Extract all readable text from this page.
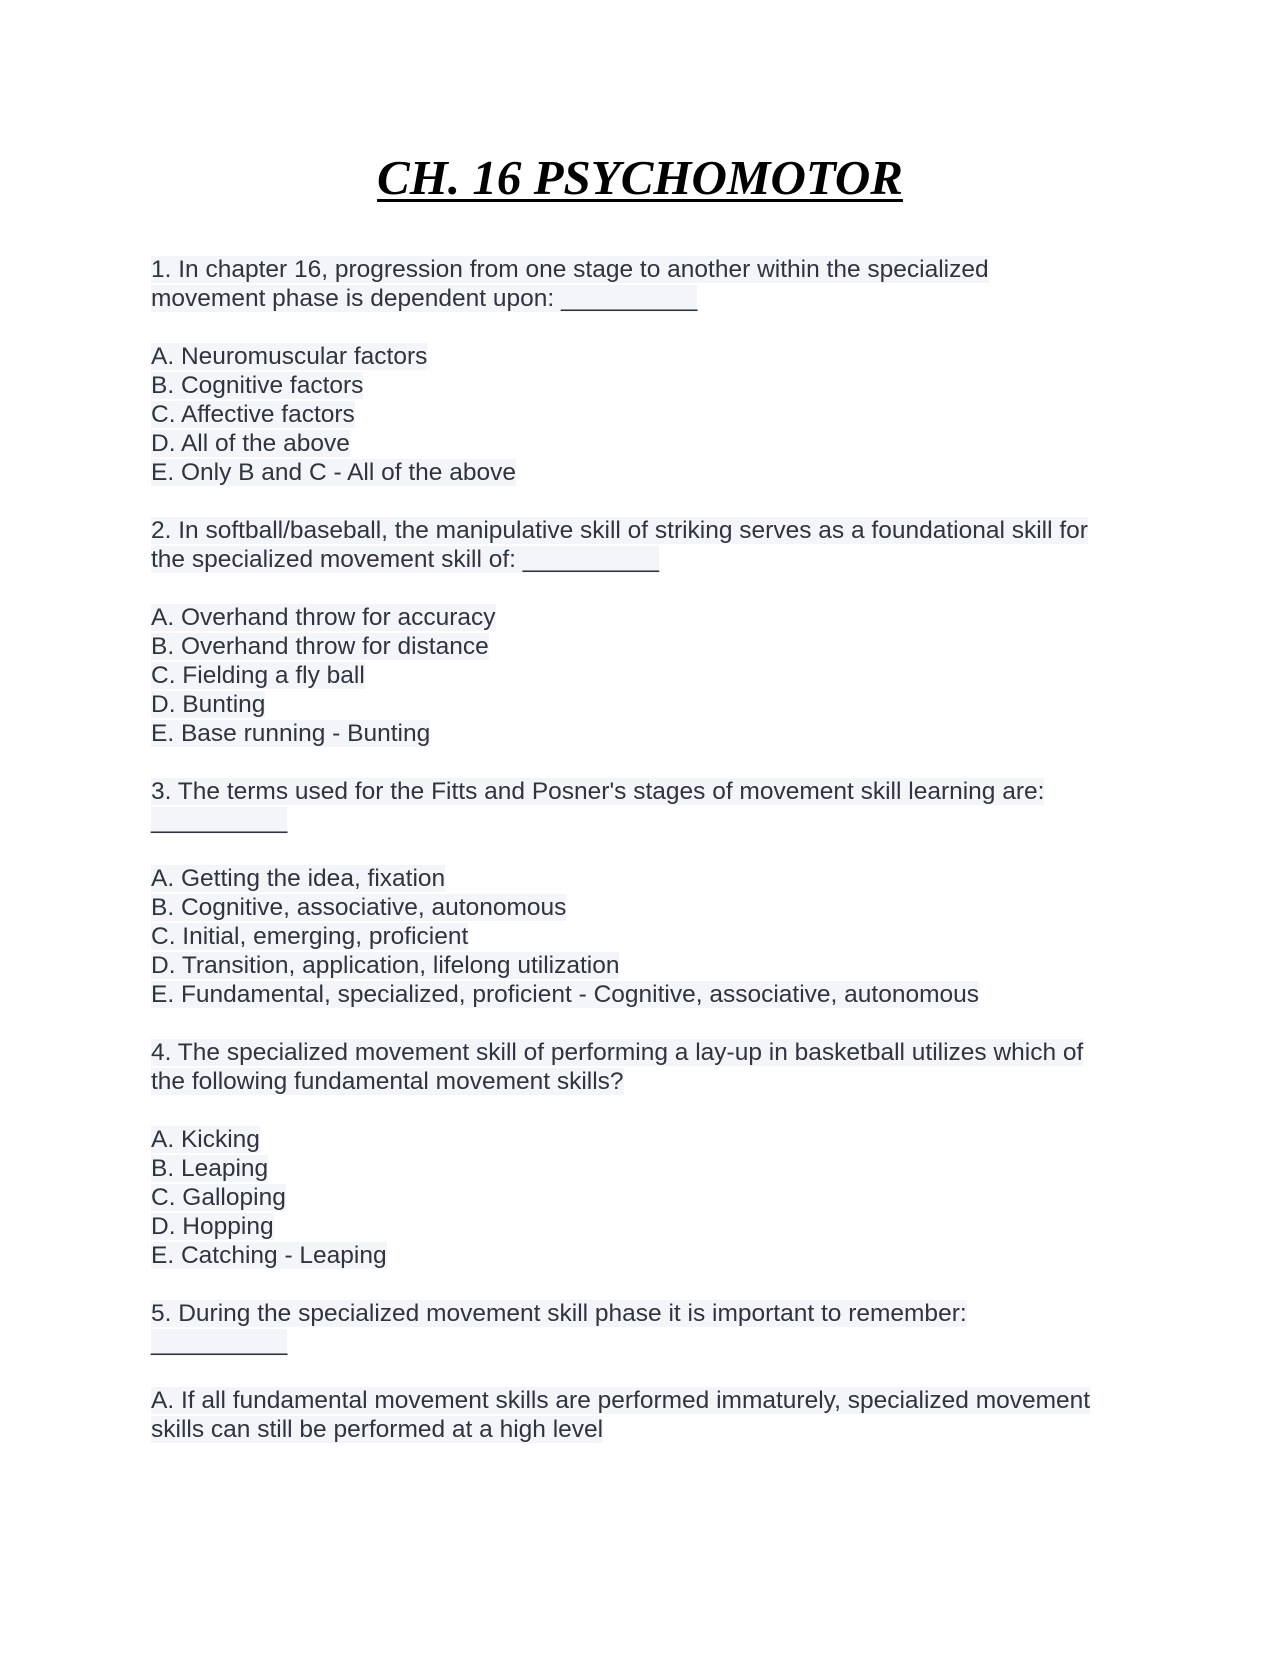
CH. 16 PSYCHOMOTOR
1. In chapter 16, progression from one stage to another within the specialized
movement phase is dependent upon: __________
A. Neuromuscular factors
B. Cognitive factors
C. Affective factors
D. All of the above
E. Only B and C - All of the above
2. In softball/baseball, the manipulative skill of striking serves as a foundational skill for
the specialized movement skill of: __________
A. Overhand throw for accuracy
B. Overhand throw for distance
C. Fielding a fly ball
D. Bunting
E. Base running - Bunting
3. The terms used for the Fitts and Posner's stages of movement skill learning are:
__________
A. Getting the idea, fixation
B. Cognitive, associative, autonomous
C. Initial, emerging, proficient
D. Transition, application, lifelong utilization
E. Fundamental, specialized, proficient - Cognitive, associative, autonomous
4. The specialized movement skill of performing a lay-up in basketball utilizes which of
the following fundamental movement skills?
A. Kicking
B. Leaping
C. Galloping
D. Hopping
E. Catching - Leaping
5. During the specialized movement skill phase it is important to remember:
__________
A. If all fundamental movement skills are performed immaturely, specialized movement
skills can still be performed at a high level
